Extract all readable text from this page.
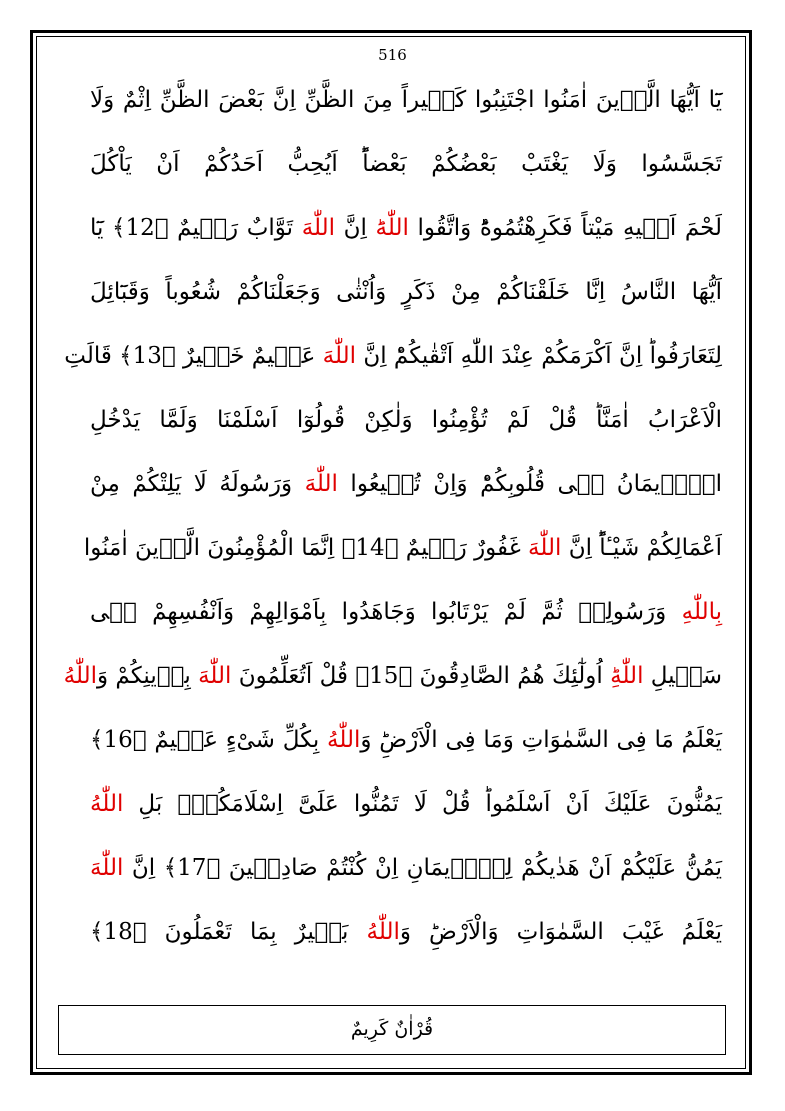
516
يَٓا اَيُّهَا الَّذٖينَ اٰمَنُوا اجْتَنِبُوا كَثٖيراً مِنَ الظَّنِّ اِنَّ بَعْضَ الظَّنِّ اِثْمٌ وَلَا
تَجَسَّسُوا وَلَا يَغْتَبْ بَعْضُكُمْ بَعْضاًؕ اَيُحِبُّ اَحَدُكُمْ اَنْ يَاْكُلَ
لَحْمَ اَخٖيهِ مَيْتاً فَكَرِهْتُمُوهُؕ وَاتَّقُوا اللّٰهَؕ اِنَّ اللّٰهَ تَوَّابٌ رَحٖيمٌ ﴿12﴾ يَٓا
اَيُّهَا النَّاسُ اِنَّا خَلَقْنَاكُمْ مِنْ ذَكَرٍ وَاُنْثٰى وَجَعَلْنَاكُمْ شُعُوباً وَقَبَٓائِلَ
لِتَعَارَفُواؕ اِنَّ اَكْرَمَكُمْ عِنْدَ اللّٰهِ اَتْقٰيكُمْؕ اِنَّ اللّٰهَ عَلٖيمٌ خَبٖيرٌ ﴿13﴾ قَالَتِ
الْاَعْرَابُ اٰمَنَّاؕ قُلْ لَمْ تُؤْمِنُوا وَلٰكِنْ قُولُوٓا اَسْلَمْنَا وَلَمَّا يَدْخُلِ
الْاٖيمَانُ فٖى قُلُوبِكُمْؕ وَاِنْ تُطٖيعُوا اللّٰهَ وَرَسُولَهُ لَا يَلِتْكُمْ مِنْ
اَعْمَالِكُمْ شَيْـٔاًؕ اِنَّ اللّٰهَ غَفُورٌ رَحٖيمٌ ﴿14﴾ اِنَّمَا الْمُؤْمِنُونَ الَّذٖينَ اٰمَنُوا
بِاللّٰهِ وَرَسُولِهٖ ثُمَّ لَمْ يَرْتَابُوا وَجَاهَدُوا بِاَمْوَالِهِمْ وَاَنْفُسِهِمْ فٖى
سَبٖيلِ اللّٰهِؕ اُولٰٓئِكَ هُمُ الصَّادِقُونَ ﴿15﴾ قُلْ اَتُعَلِّمُونَ اللّٰهَ بِدٖينِكُمْ وَاللّٰهُ
يَعْلَمُ مَا فِى السَّمٰوَاتِ وَمَا فِى الْاَرْضِؕ وَاللّٰهُ بِكُلِّ شَىْءٍ عَلٖيمٌ ﴿16﴾
يَمُنُّونَ عَلَيْكَ اَنْ اَسْلَمُواؕ قُلْ لَا تَمُنُّوا عَلَىَّ اِسْلَامَكُمْۚ بَلِ اللّٰهُ
يَمُنُّ عَلَيْكُمْ اَنْ هَدٰيكُمْ لِلْاٖيمَانِ اِنْ كُنْتُمْ صَادِقٖينَ ﴿17﴾ اِنَّ اللّٰهَ
يَعْلَمُ غَيْبَ السَّمٰوَاتِ وَالْاَرْضِؕ وَاللّٰهُ بَصٖيرٌ بِمَا تَعْمَلُونَ ﴿18﴾
قُرْاٰنٌ كَرِيمٌ
